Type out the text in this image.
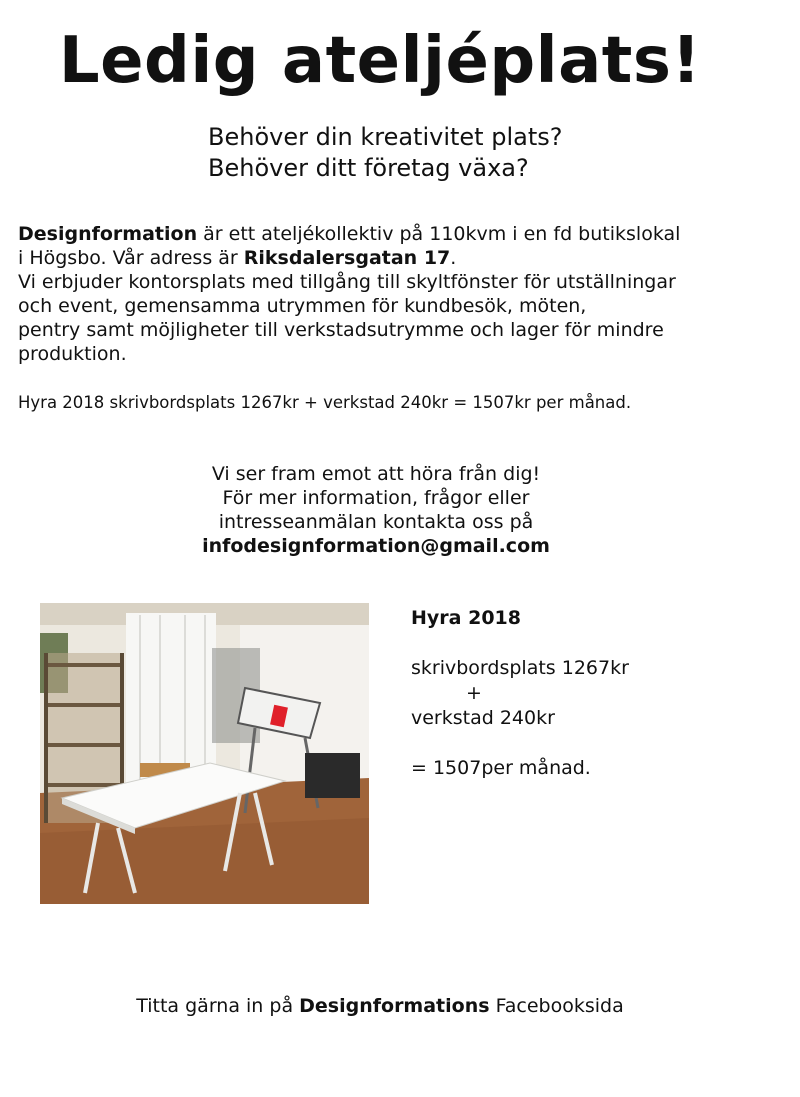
Ledig ateljéplats!
Behöver din kreativitet plats?
Behöver ditt företag växa?
Designformation är ett ateljékollektiv på 110kvm i en fd butikslokal
i Högsbo. Vår adress är Riksdalersgatan 17.
Vi erbjuder kontorsplats med tillgång till skyltfönster för utställningar
och event, gemensamma utrymmen för kundbesök, möten,
pentry samt möjligheter till verkstadsutrymme och lager för mindre
produktion.
Hyra 2018 skrivbordsplats 1267kr + verkstad 240kr = 1507kr per månad.
Vi ser fram emot att höra från dig!
För mer information, frågor eller
intresseanmälan kontakta oss på
infodesignformation@gmail.com
Hyra 2018
skrivbordsplats 1267kr
+
verkstad 240kr
= 1507per månad.
Titta gärna in på Designformations Facebooksida
